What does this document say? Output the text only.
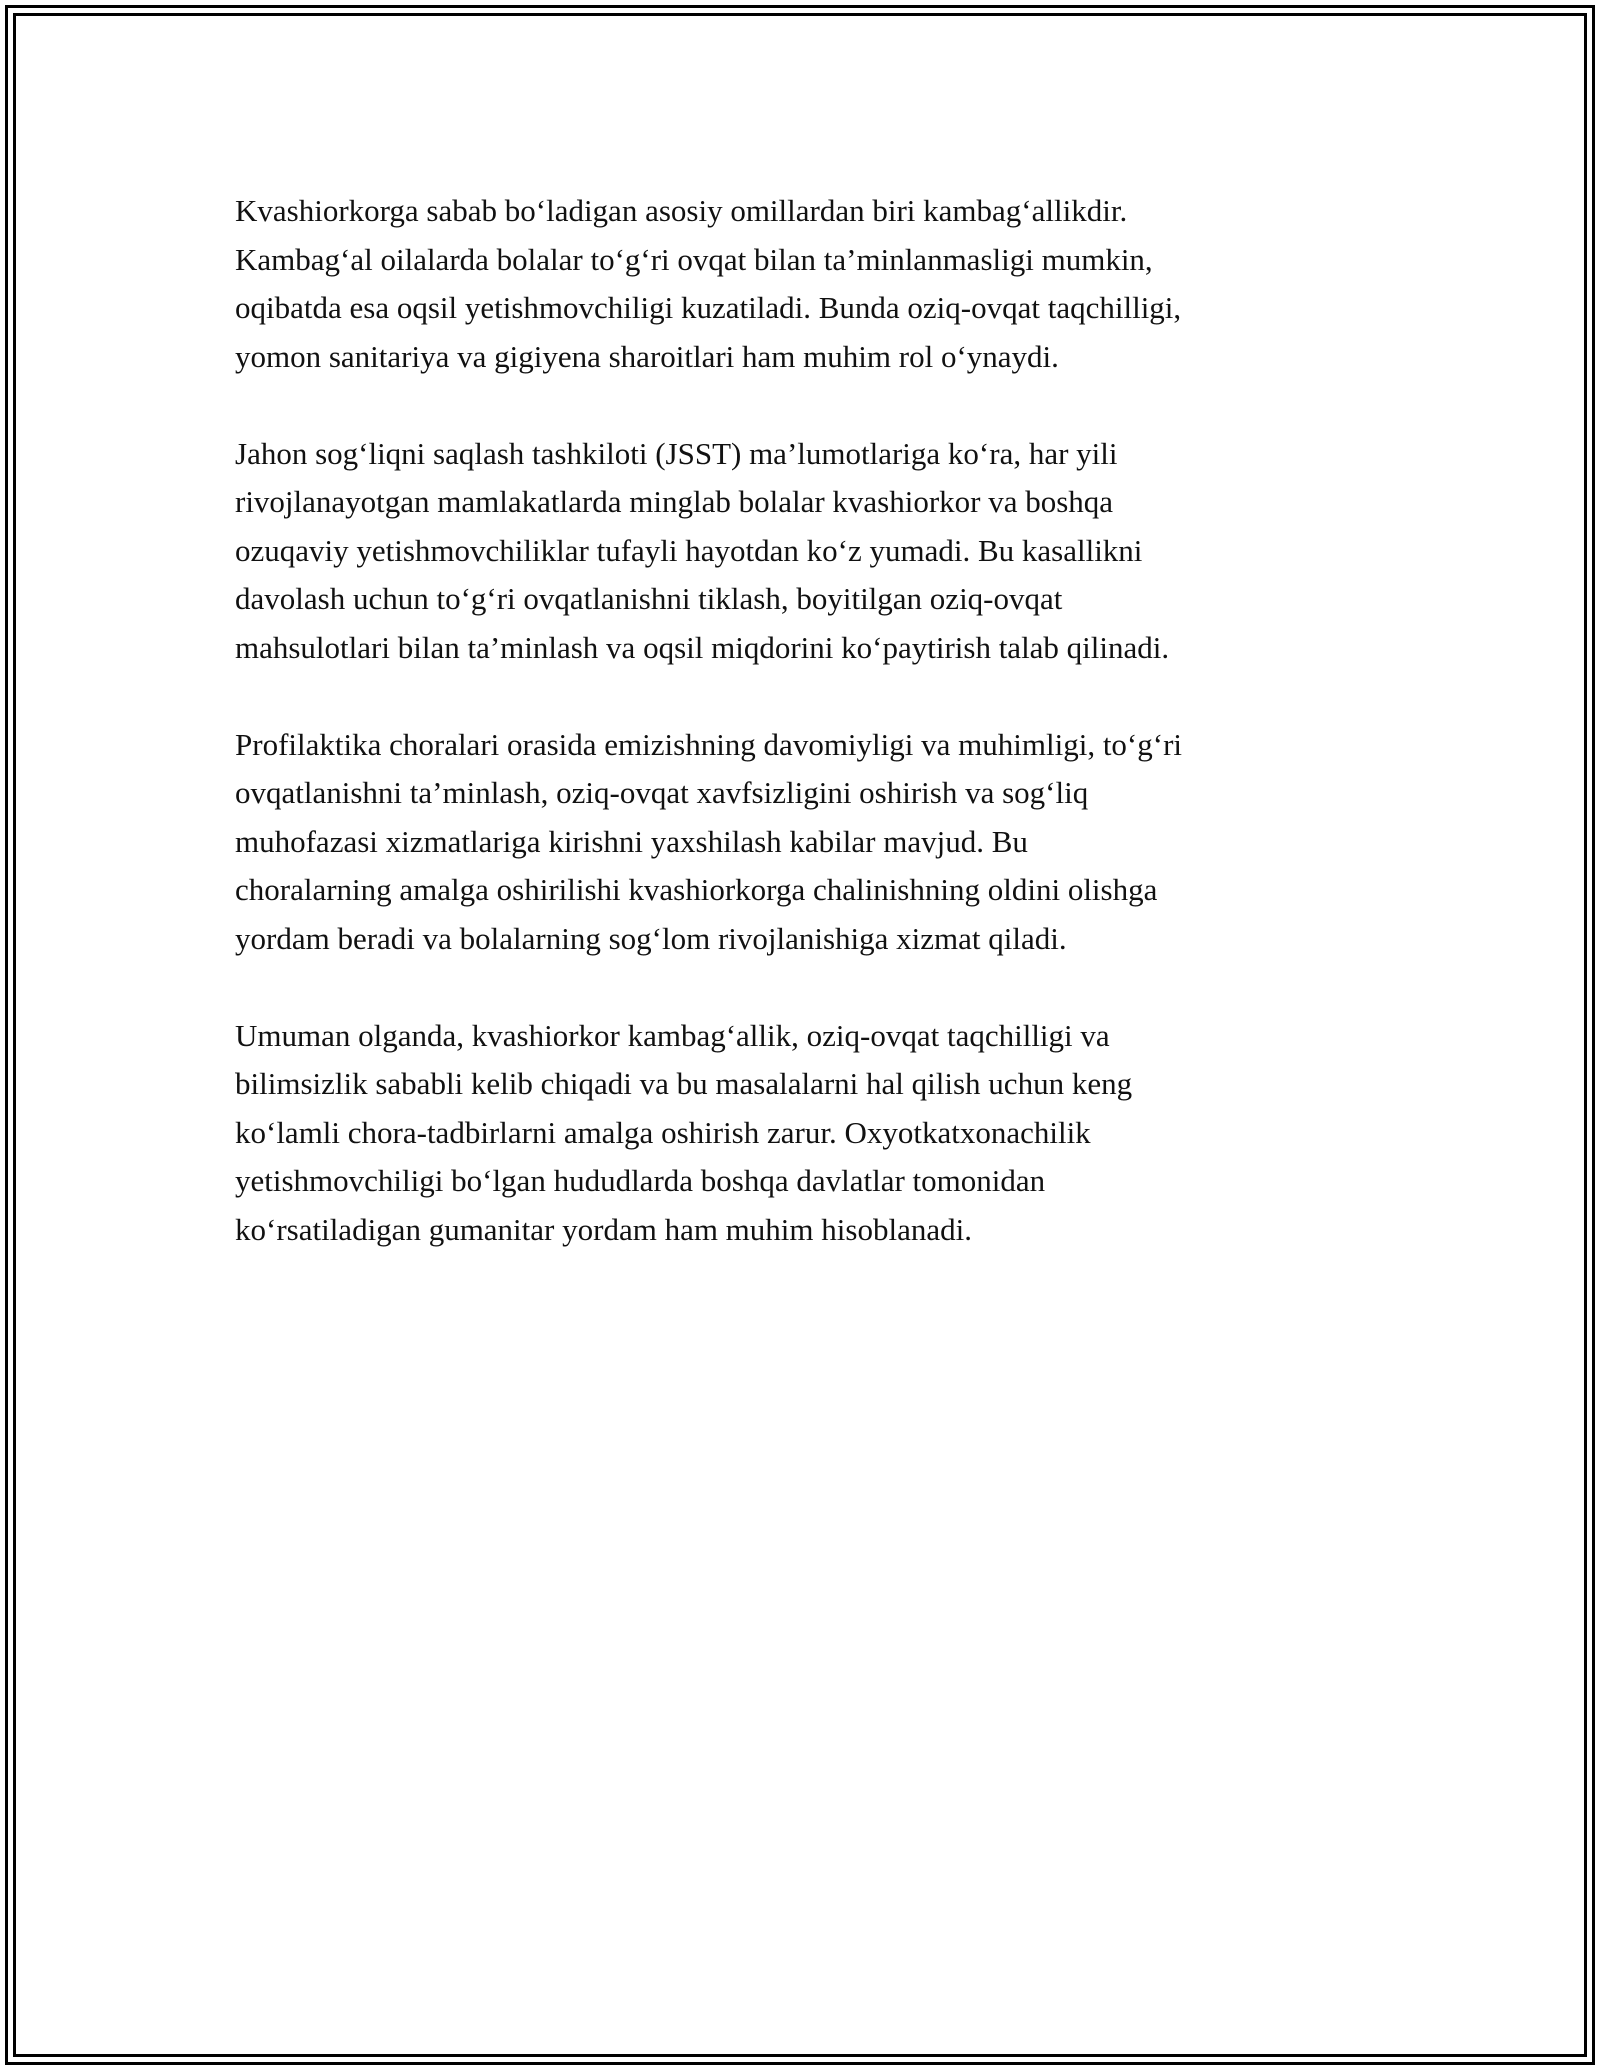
Kvashiorkorga sabab bo‘ladigan asosiy omillardan biri kambag‘allikdir.
Kambag‘al oilalarda bolalar to‘g‘ri ovqat bilan ta’minlanmasligi mumkin,
oqibatda esa oqsil yetishmovchiligi kuzatiladi. Bunda oziq-ovqat taqchilligi,
yomon sanitariya va gigiyena sharoitlari ham muhim rol o‘ynaydi.

Jahon sog‘liqni saqlash tashkiloti (JSST) ma’lumotlariga ko‘ra, har yili
rivojlanayotgan mamlakatlarda minglab bolalar kvashiorkor va boshqa
ozuqaviy yetishmovchiliklar tufayli hayotdan ko‘z yumadi. Bu kasallikni
davolash uchun to‘g‘ri ovqatlanishni tiklash, boyitilgan oziq-ovqat
mahsulotlari bilan ta’minlash va oqsil miqdorini ko‘paytirish talab qilinadi.

Profilaktika choralari orasida emizishning davomiyligi va muhimligi, to‘g‘ri
ovqatlanishni ta’minlash, oziq-ovqat xavfsizligini oshirish va sog‘liq
muhofazasi xizmatlariga kirishni yaxshilash kabilar mavjud. Bu
choralarning amalga oshirilishi kvashiorkorga chalinishning oldini olishga
yordam beradi va bolalarning sog‘lom rivojlanishiga xizmat qiladi.

Umuman olganda, kvashiorkor kambag‘allik, oziq-ovqat taqchilligi va
bilimsizlik sababli kelib chiqadi va bu masalalarni hal qilish uchun keng
ko‘lamli chora-tadbirlarni amalga oshirish zarur. Oxyotkatxonachilik
yetishmovchiligi bo‘lgan hududlarda boshqa davlatlar tomonidan
ko‘rsatiladigan gumanitar yordam ham muhim hisoblanadi.
